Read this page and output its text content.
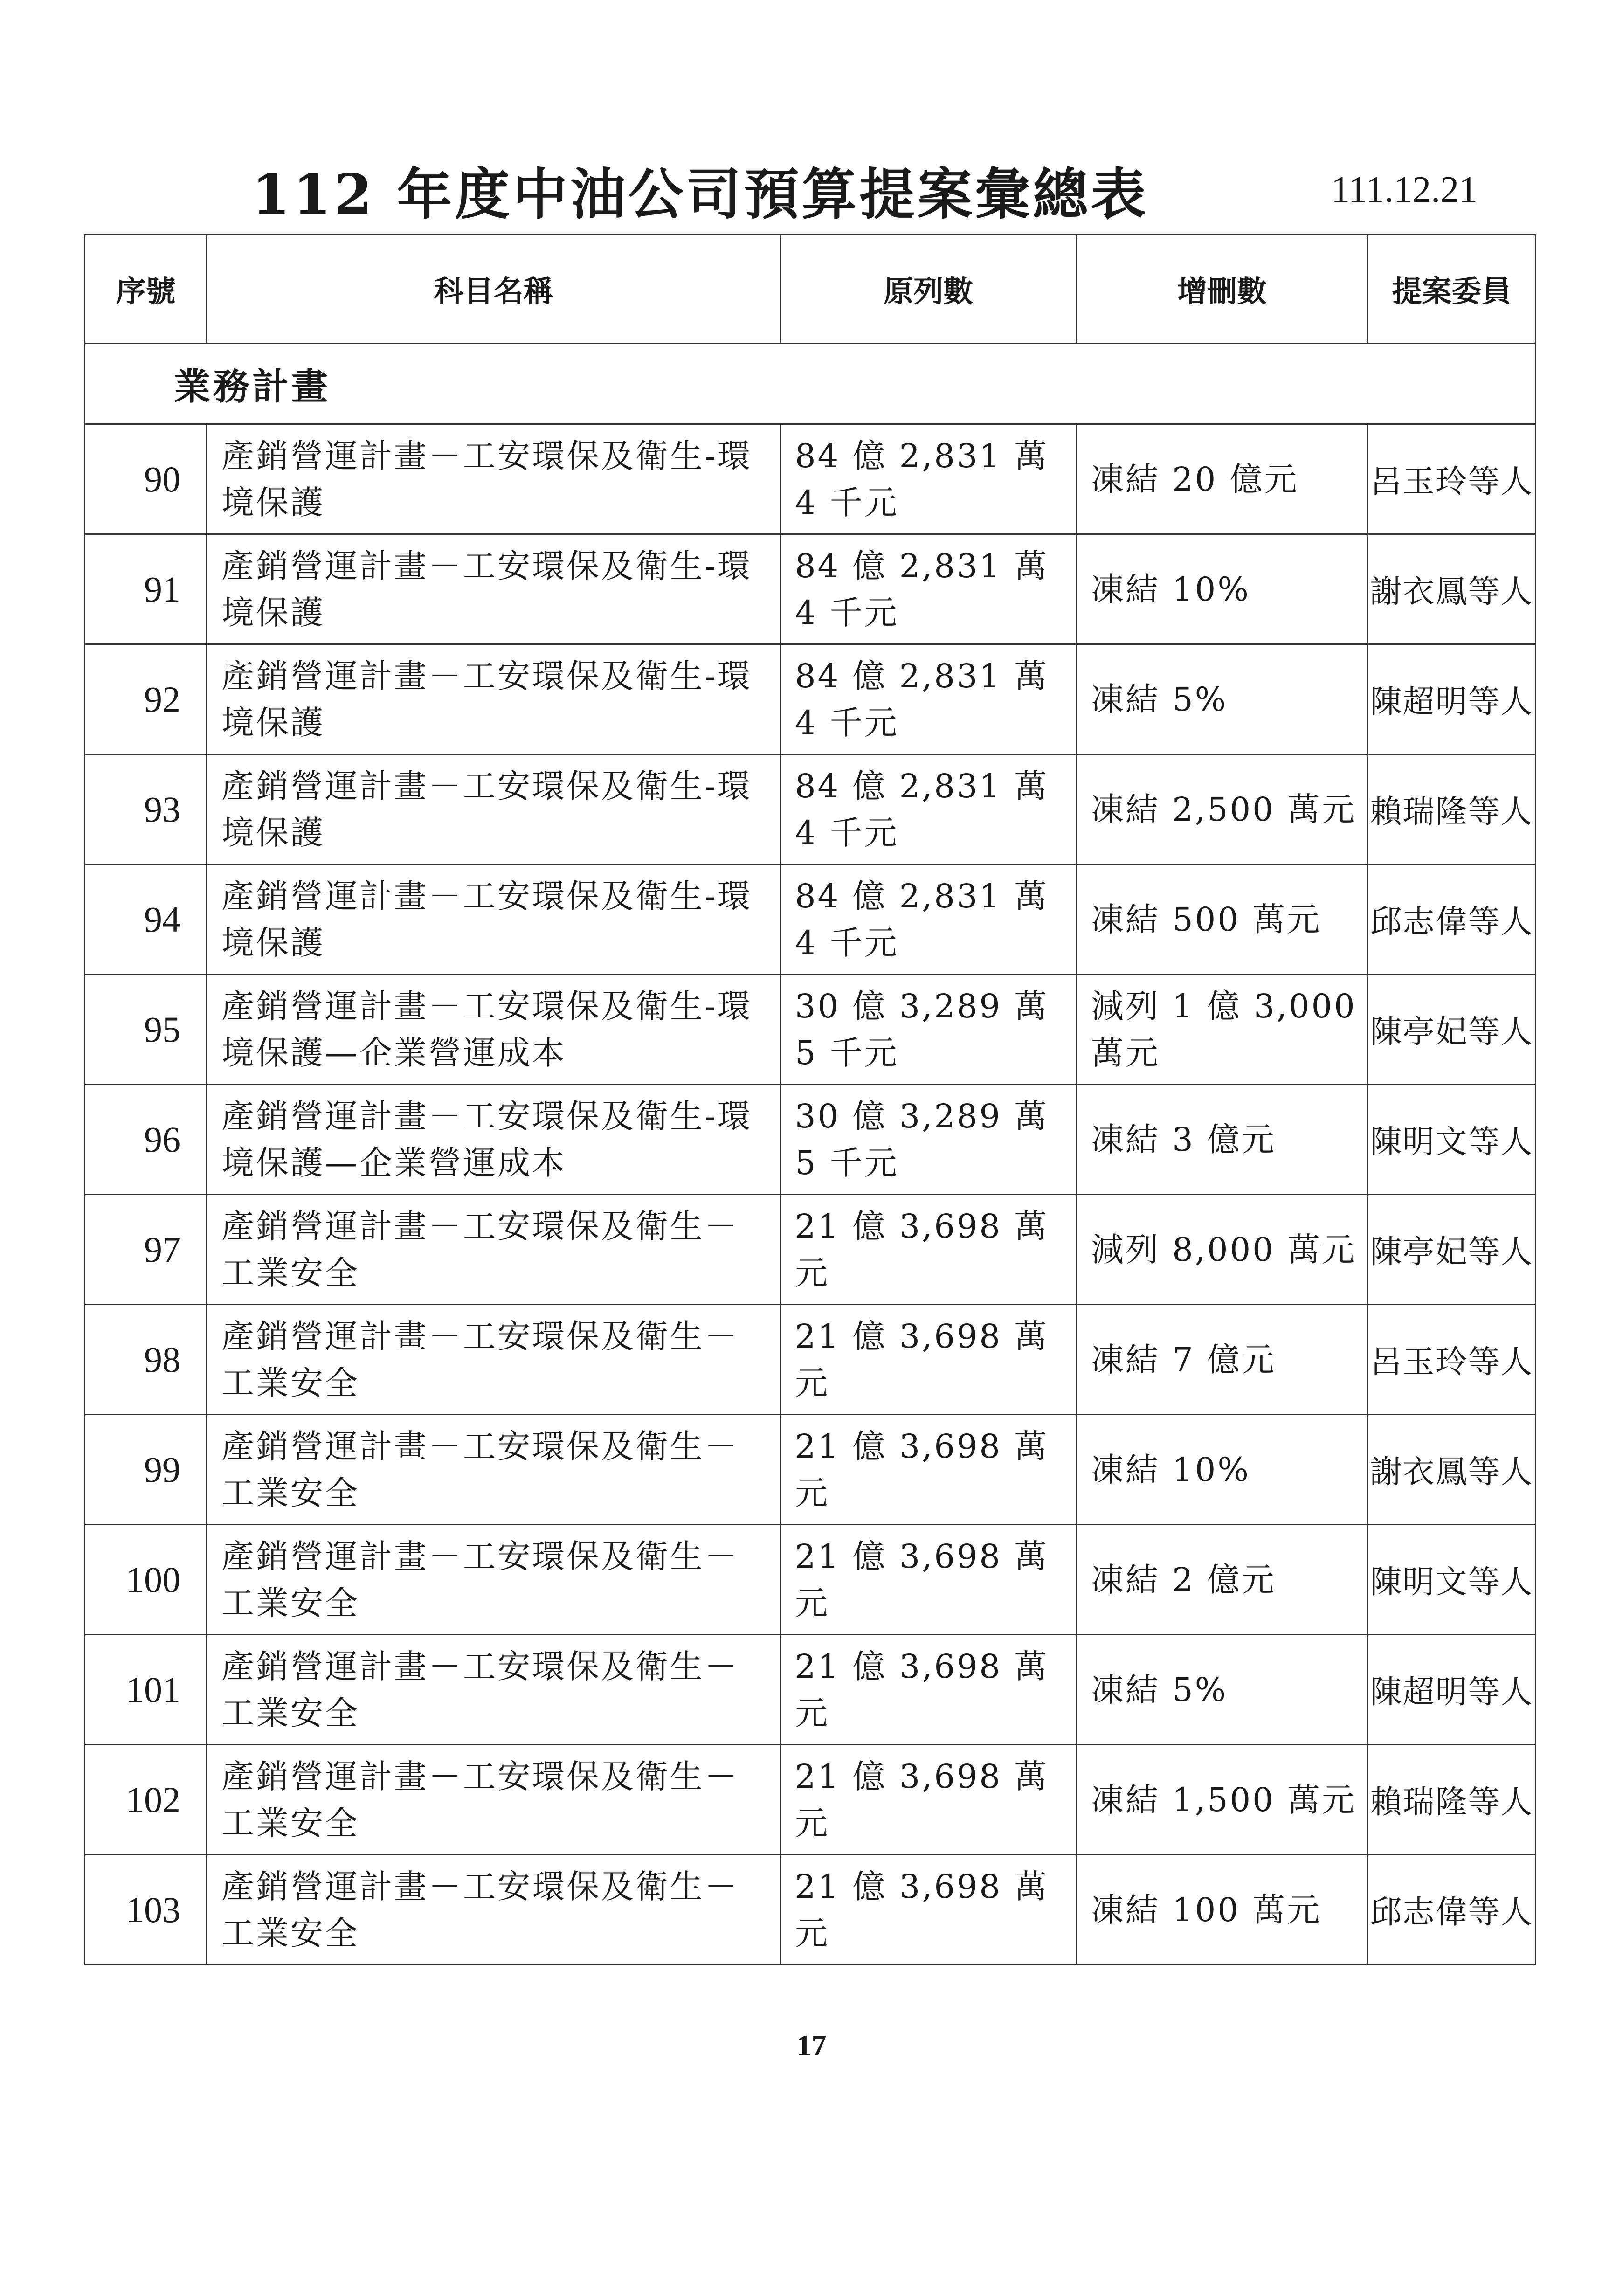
112 年度中油公司預算提案彙總表	111.12.21
序號	科目名稱	原列數	增刪數	提案委員
業務計畫				
90	產銷營運計畫－工安環保及衛生-環境保護	84 億 2,831 萬 4 千元	凍結 20 億元	呂玉玲等人
91	產銷營運計畫－工安環保及衛生-環境保護	84 億 2,831 萬 4 千元	凍結 10%	謝衣鳳等人
92	產銷營運計畫－工安環保及衛生-環境保護	84 億 2,831 萬 4 千元	凍結 5%	陳超明等人
93	產銷營運計畫－工安環保及衛生-環境保護	84 億 2,831 萬 4 千元	凍結 2,500 萬元	賴瑞隆等人
94	產銷營運計畫－工安環保及衛生-環境保護	84 億 2,831 萬 4 千元	凍結 500 萬元	邱志偉等人
95	產銷營運計畫－工安環保及衛生-環境保護—企業營運成本	30 億 3,289 萬 5 千元	減列 1 億 3,000 萬元	陳亭妃等人
96	產銷營運計畫－工安環保及衛生-環境保護—企業營運成本	30 億 3,289 萬 5 千元	凍結 3 億元	陳明文等人
97	產銷營運計畫－工安環保及衛生－工業安全	21 億 3,698 萬元	減列 8,000 萬元	陳亭妃等人
98	產銷營運計畫－工安環保及衛生－工業安全	21 億 3,698 萬元	凍結 7 億元	呂玉玲等人
99	產銷營運計畫－工安環保及衛生－工業安全	21 億 3,698 萬元	凍結 10%	謝衣鳳等人
100	產銷營運計畫－工安環保及衛生－工業安全	21 億 3,698 萬元	凍結 2 億元	陳明文等人
101	產銷營運計畫－工安環保及衛生－工業安全	21 億 3,698 萬元	凍結 5%	陳超明等人
102	產銷營運計畫－工安環保及衛生－工業安全	21 億 3,698 萬元	凍結 1,500 萬元	賴瑞隆等人
103	產銷營運計畫－工安環保及衛生－工業安全	21 億 3,698 萬元	凍結 100 萬元	邱志偉等人
17
